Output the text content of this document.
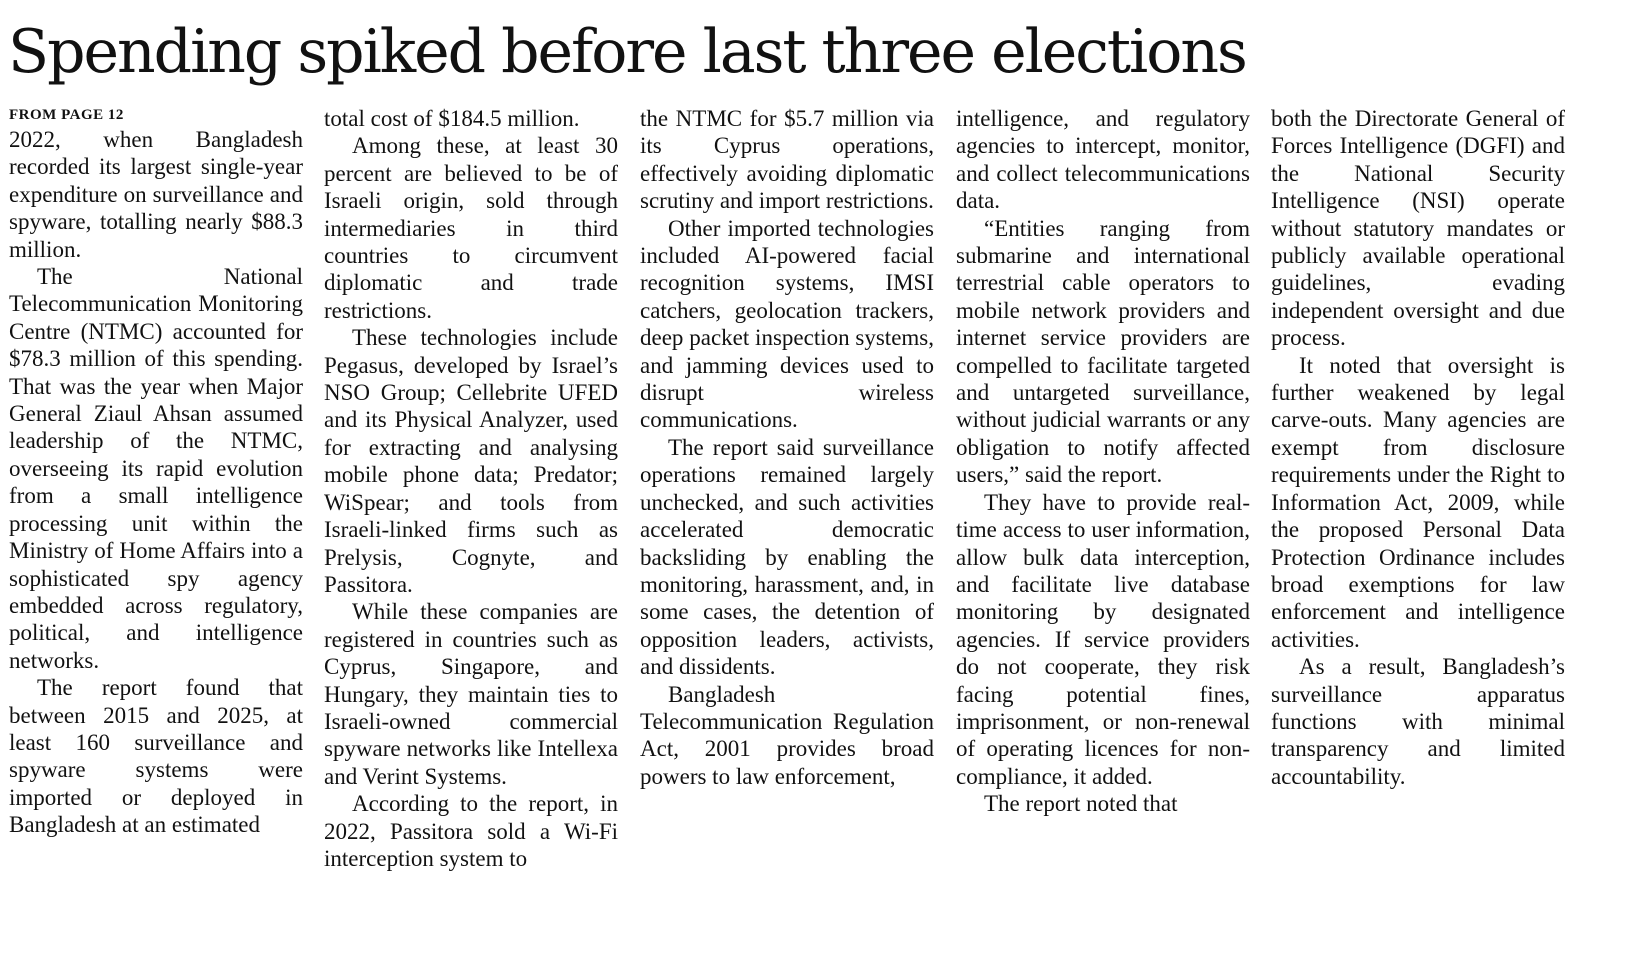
Spending spiked before last three elections
FROM PAGE 12

2022, when Bangladesh recorded its largest single-year expenditure on surveillance and spyware, totalling nearly $88.3 million.

The National Telecommunication Monitoring Centre (NTMC) accounted for $78.3 million of this spending. That was the year when Major General Ziaul Ahsan assumed leadership of the NTMC, overseeing its rapid evolution from a small intelligence processing unit within the Ministry of Home Affairs into a sophisticated spy agency embedded across regulatory, political, and intelligence networks.

The report found that between 2015 and 2025, at least 160 surveillance and spyware systems were imported or deployed in Bangladesh at an estimated

total cost of $184.5 million.

Among these, at least 30 percent are believed to be of Israeli origin, sold through intermediaries in third countries to circumvent diplomatic and trade restrictions.

These technologies include Pegasus, developed by Israel’s NSO Group; Cellebrite UFED and its Physical Analyzer, used for extracting and analysing mobile phone data; Predator; WiSpear; and tools from Israeli-linked firms such as Prelysis, Cognyte, and Passitora.

While these companies are registered in countries such as Cyprus, Singapore, and Hungary, they maintain ties to Israeli-owned commercial spyware networks like Intellexa and Verint Systems.

According to the report, in 2022, Passitora sold a Wi-Fi interception system to

the NTMC for $5.7 million via its Cyprus operations, effectively avoiding diplomatic scrutiny and import restrictions.

Other imported technologies included AI-powered facial recognition systems, IMSI catchers, geolocation trackers, deep packet inspection systems, and jamming devices used to disrupt wireless communications.

The report said surveillance operations remained largely unchecked, and such activities accelerated democratic backsliding by enabling the monitoring, harassment, and, in some cases, the detention of opposition leaders, activists, and dissidents.

Bangladesh Telecommunication Regulation Act, 2001 provides broad powers to law enforcement,

intelligence, and regulatory agencies to intercept, monitor, and collect telecommunications data.

“Entities ranging from submarine and international terrestrial cable operators to mobile network providers and internet service providers are compelled to facilitate targeted and untargeted surveillance, without judicial warrants or any obligation to notify affected users,” said the report.

They have to provide real-time access to user information, allow bulk data interception, and facilitate live database monitoring by designated agencies. If service providers do not cooperate, they risk facing potential fines, imprisonment, or non-renewal of operating licences for non-compliance, it added.

The report noted that

both the Directorate General of Forces Intelligence (DGFI) and the National Security Intelligence (NSI) operate without statutory mandates or publicly available operational guidelines, evading independent oversight and due process.

It noted that oversight is further weakened by legal carve-outs. Many agencies are exempt from disclosure requirements under the Right to Information Act, 2009, while the proposed Personal Data Protection Ordinance includes broad exemptions for law enforcement and intelligence activities.

As a result, Bangladesh’s surveillance apparatus functions with minimal transparency and limited accountability.
